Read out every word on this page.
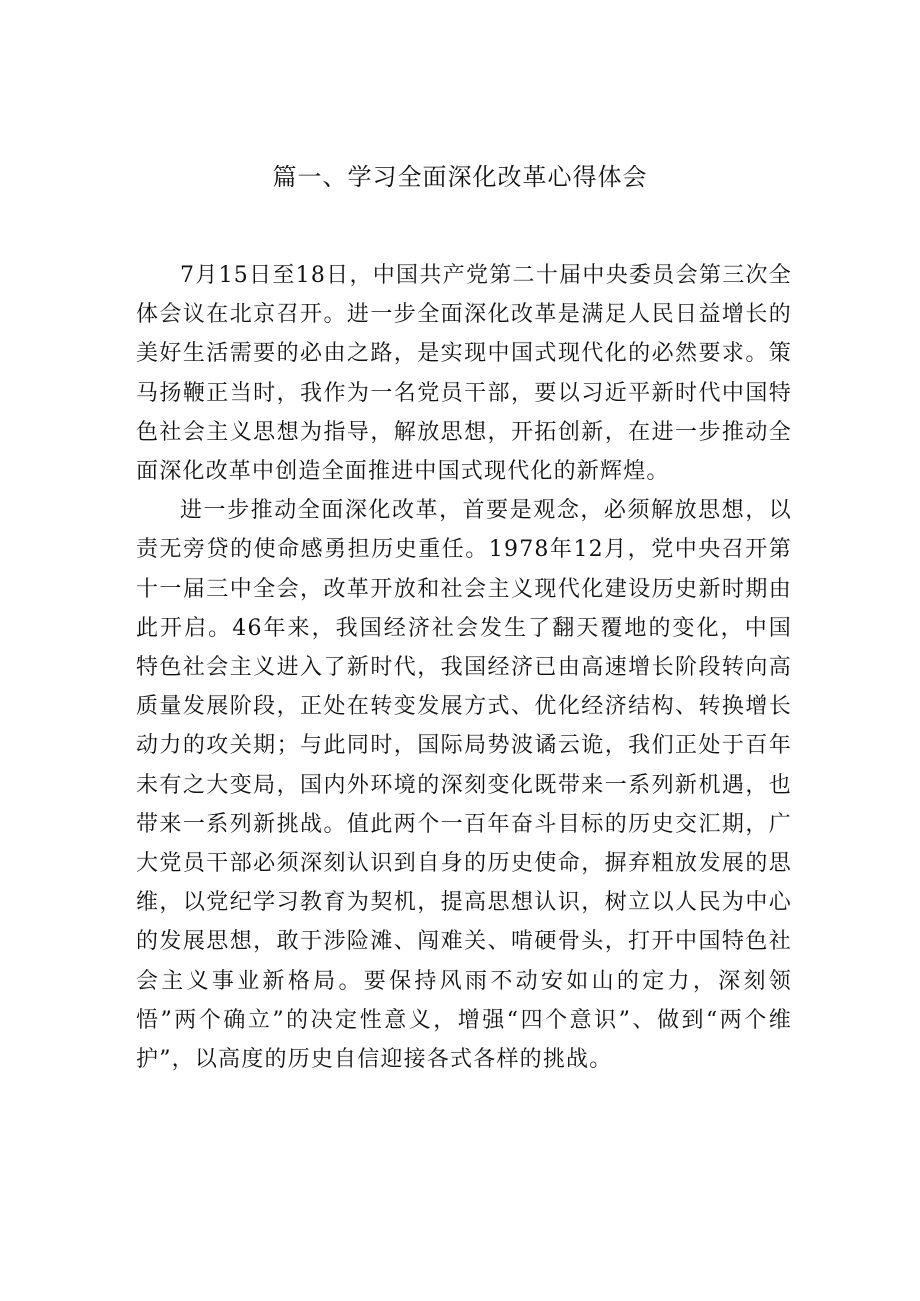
篇一、学习全面深化改革心得体会

7月15日至18日，中国共产党第二十届中央委员会第三次全体会议在北京召开。进一步全面深化改革是满足人民日益增长的美好生活需要的必由之路，是实现中国式现代化的必然要求。策马扬鞭正当时，我作为一名党员干部，要以习近平新时代中国特色社会主义思想为指导，解放思想，开拓创新，在进一步推动全面深化改革中创造全面推进中国式现代化的新辉煌。

进一步推动全面深化改革，首要是观念，必须解放思想，以责无旁贷的使命感勇担历史重任。1978年12月，党中央召开第十一届三中全会，改革开放和社会主义现代化建设历史新时期由此开启。46年来，我国经济社会发生了翻天覆地的变化，中国特色社会主义进入了新时代，我国经济已由高速增长阶段转向高质量发展阶段，正处在转变发展方式、优化经济结构、转换增长动力的攻关期；与此同时，国际局势波谲云诡，我们正处于百年未有之大变局，国内外环境的深刻变化既带来一系列新机遇，也带来一系列新挑战。值此两个一百年奋斗目标的历史交汇期，广大党员干部必须深刻认识到自身的历史使命，摒弃粗放发展的思维，以党纪学习教育为契机，提高思想认识，树立以人民为中心的发展思想，敢于涉险滩、闯难关、啃硬骨头，打开中国特色社会主义事业新格局。要保持风雨不动安如山的定力，深刻领悟”两个确立”的决定性意义，增强“四个意识”、做到“两个维护”，以高度的历史自信迎接各式各样的挑战。
